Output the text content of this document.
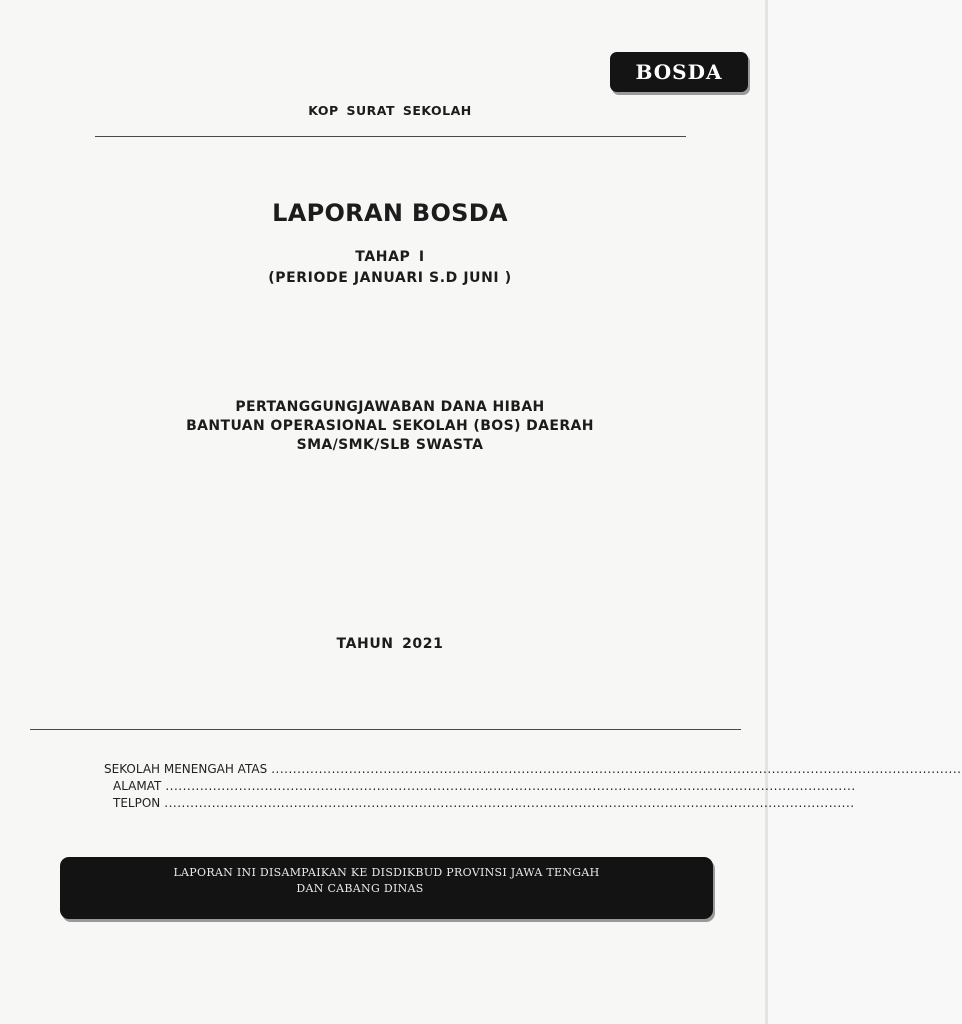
BOSDA
KOP SURAT SEKOLAH
LAPORAN BOSDA
TAHAP I
(PERIODE JANUARI S.D JUNI )
PERTANGGUNGJAWABAN DANA HIBAH
BANTUAN OPERASIONAL SEKOLAH (BOS) DAERAH
SMA/SMK/SLB SWASTA
TAHUN 2021
SEKOLAH MENENGAH ATAS ................................................................................................................................................................
ALAMAT ................................................................................................................................................................
TELPON ................................................................................................................................................................
LAPORAN INI DISAMPAIKAN KE DISDIKBUD PROVINSI JAWA TENGAH
DAN CABANG DINAS
